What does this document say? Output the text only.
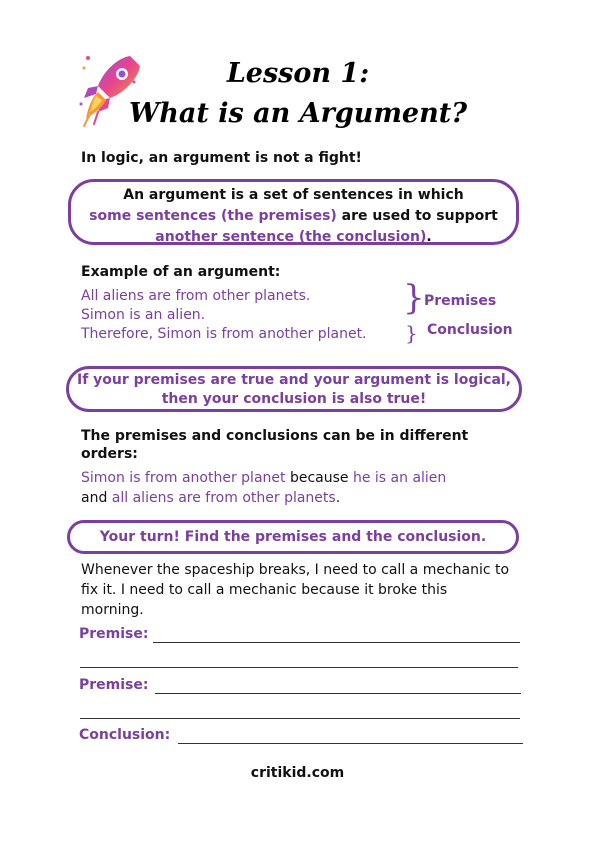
Lesson 1:
What is an Argument?
In logic, an argument is not a fight!
An argument is a set of sentences in which
some sentences (the premises) are used to support
another sentence (the conclusion).
Example of an argument:
All aliens are from other planets.
Simon is an alien.
Therefore, Simon is from another planet.
} Premises
} Conclusion
If your premises are true and your argument is logical,
then your conclusion is also true!
The premises and conclusions can be in different orders:
Simon is from another planet because he is an alien
and all aliens are from other planets.
Your turn! Find the premises and the conclusion.
Whenever the spaceship breaks, I need to call a mechanic to fix it. I need to call a mechanic because it broke this morning.
Premise:
Premise:
Conclusion:
critikid.com
